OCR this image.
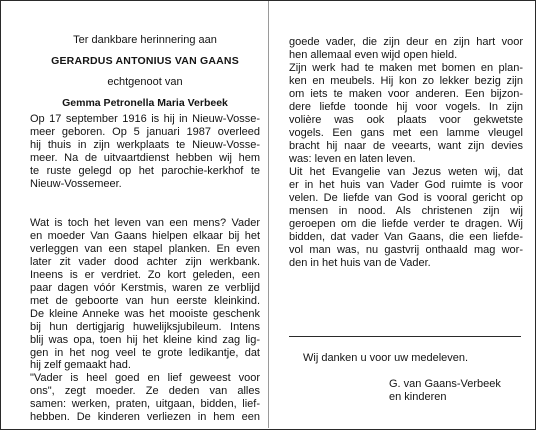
Ter dankbare herinnering aan
GERARDUS ANTONIUS VAN GAANS
echtgenoot van
Gemma Petronella Maria Verbeek
Op 17 september 1916 is hij in Nieuw-Vosse-
meer geboren. Op 5 januari 1987 overleed
hij thuis in zijn werkplaats te Nieuw-Vosse-
meer. Na de uitvaartdienst hebben wij hem
te ruste gelegd op het parochie-kerkhof te
Nieuw-Vossemeer.
Wat is toch het leven van een mens? Vader
en moeder Van Gaans hielpen elkaar bij het
verleggen van een stapel planken. En even
later zit vader dood achter zijn werkbank.
Ineens is er verdriet. Zo kort geleden, een
paar dagen vóór Kerstmis, waren ze verblijd
met de geboorte van hun eerste kleinkind.
De kleine Anneke was het mooiste geschenk
bij hun dertigjarig huwelijksjubileum. Intens
blij was opa, toen hij het kleine kind zag lig-
gen in het nog veel te grote ledikantje, dat
hij zelf gemaakt had.
"Vader is heel goed en lief geweest voor
ons", zegt moeder. Ze deden van alles
samen: werken, praten, uitgaan, bidden, lief-
hebben. De kinderen verliezen in hem een
goede vader, die zijn deur en zijn hart voor
hen allemaal even wijd open hield.
Zijn werk had te maken met bomen en plan-
ken en meubels. Hij kon zo lekker bezig zijn
om iets te maken voor anderen. Een bijzon-
dere liefde toonde hij voor vogels. In zijn
volière was ook plaats voor gekwetste
vogels. Een gans met een lamme vleugel
bracht hij naar de veearts, want zijn devies
was: leven en laten leven.
Uit het Evangelie van Jezus weten wij, dat
er in het huis van Vader God ruimte is voor
velen. De liefde van God is vooral gericht op
mensen in nood. Als christenen zijn wij
geroepen om die liefde verder te dragen. Wij
bidden, dat vader Van Gaans, die een liefde-
vol man was, nu gastvrij onthaald mag wor-
den in het huis van de Vader.
Wij danken u voor uw medeleven.
G. van Gaans-Verbeek
en kinderen
